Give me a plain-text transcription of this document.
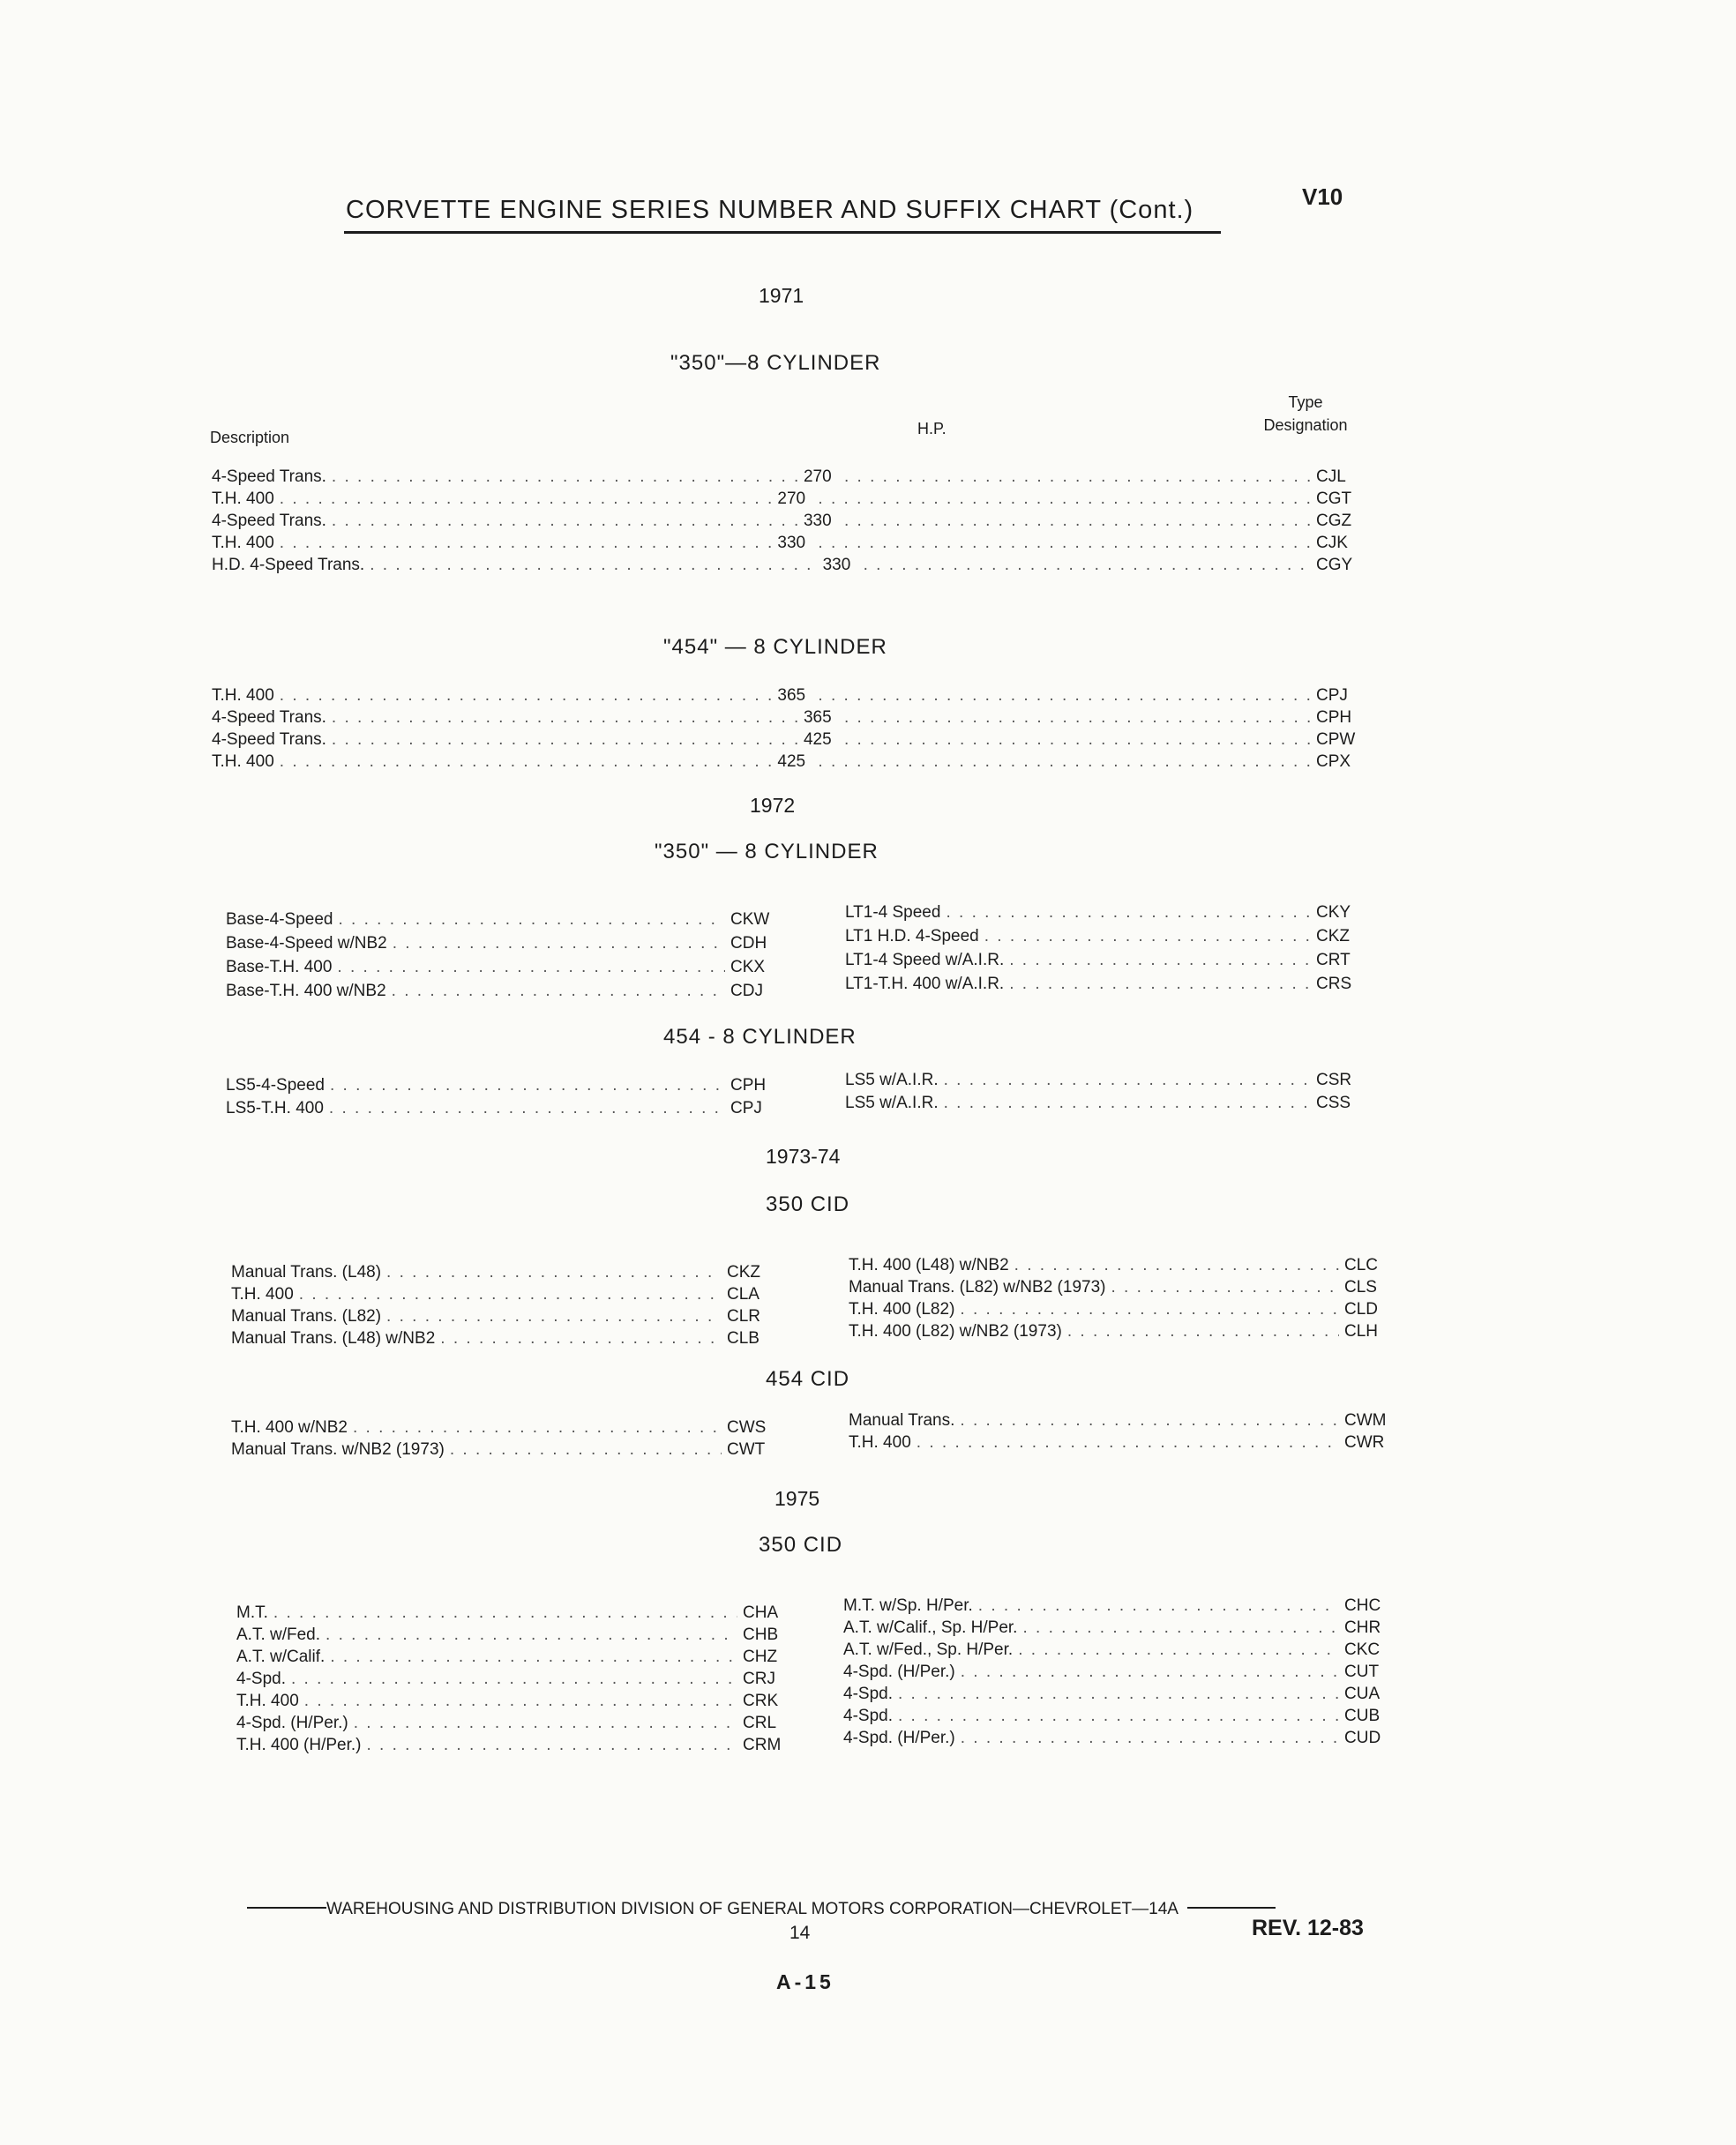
CORVETTE ENGINE SERIES NUMBER AND SUFFIX CHART (Cont.)	V10
1971
"350"—8 CYLINDER
Description	H.P.
Type
Designation
4-Speed Trans. . . .	270 . . .	CJL
T.H. 400 . . .	270 . . .	CGT
4-Speed Trans. . . .	330 . . .	CGZ
T.H. 400 . . .	330 . . .	CJK
H.D. 4-Speed Trans. . . .	330 . . .	CGY
"454" — 8 CYLINDER
T.H. 400 . . .	365 . . .	CPJ
4-Speed Trans. . . .	365 . . .	CPH
4-Speed Trans. . . .	425 . . .	CPW
T.H. 400 . . .	425 . . .	CPX
1972
"350" — 8 CYLINDER
Base-4-Speed . . .	CKW
Base-4-Speed w/NB2 . . .	CDH
Base-T.H. 400 . . .	CKX
Base-T.H. 400 w/NB2 . . .	CDJ
LT1-4 Speed . . .	CKY
LT1 H.D. 4-Speed . . .	CKZ
LT1-4 Speed w/A.I.R. . . .	CRT
LT1-T.H. 400 w/A.I.R. . . .	CRS
454 - 8 CYLINDER
LS5-4-Speed . . .	CPH
LS5-T.H. 400 . . .	CPJ
LS5 w/A.I.R. . . .	CSR
LS5 w/A.I.R. . . .	CSS
1973-74
350 CID
Manual Trans. (L48) . . .	CKZ
T.H. 400 . . .	CLA
Manual Trans. (L82) . . .	CLR
Manual Trans. (L48) w/NB2 . . .	CLB
T.H. 400 (L48) w/NB2 . . .	CLC
Manual Trans. (L82) w/NB2 (1973) . . .	CLS
T.H. 400 (L82) . . .	CLD
T.H. 400 (L82) w/NB2 (1973) . . .	CLH
454 CID
T.H. 400 w/NB2 . . .	CWS
Manual Trans. w/NB2 (1973) . . .	CWT
Manual Trans. . . .	CWM
T.H. 400 . . .	CWR
1975
350 CID
M.T. . . .	CHA
A.T. w/Fed. . . .	CHB
A.T. w/Calif. . . .	CHZ
4-Spd. . . .	CRJ
T.H. 400 . . .	CRK
4-Spd. (H/Per.) . . .	CRL
T.H. 400 (H/Per.) . . .	CRM
M.T. w/Sp. H/Per. . . .	CHC
A.T. w/Calif., Sp. H/Per. . . .	CHR
A.T. w/Fed., Sp. H/Per. . . .	CKC
4-Spd. (H/Per.) . . .	CUT
4-Spd. . . .	CUA
4-Spd. . . .	CUB
4-Spd. (H/Per.) . . .	CUD
WAREHOUSING AND DISTRIBUTION DIVISION OF GENERAL MOTORS CORPORATION—CHEVROLET—14A
14	REV. 12-83
A-15
